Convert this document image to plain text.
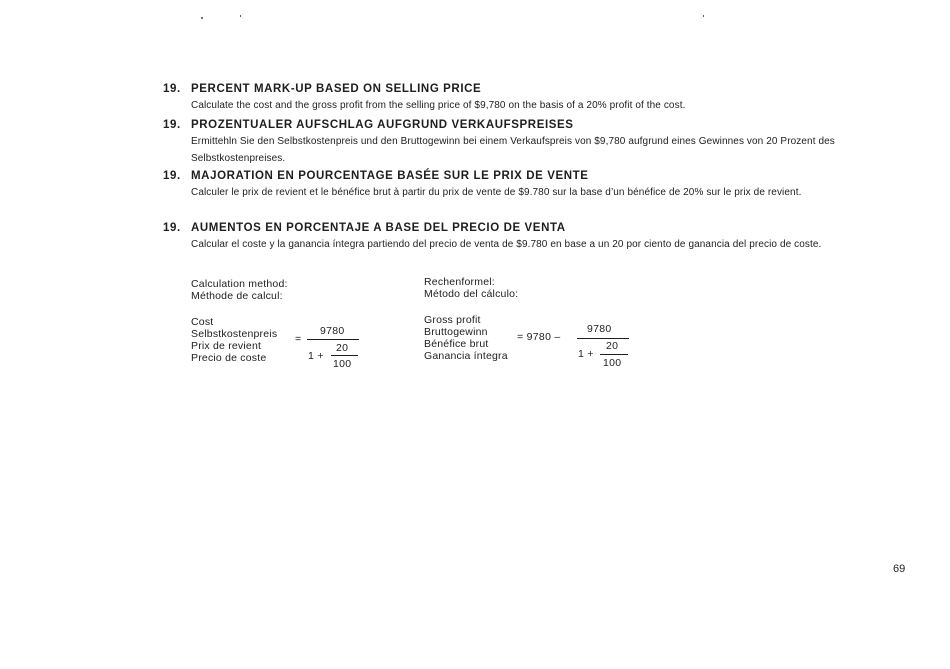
19. PERCENT MARK-UP BASED ON SELLING PRICE
Calculate the cost and the gross profit from the selling price of $9,780 on the basis of a 20% profit of the cost.
19. PROZENTUALER AUFSCHLAG AUFGRUND VERKAUFSPREISES
Ermittehln Sie den Selbstkostenpreis und den Bruttogewinn bei einem Verkaufspreis von $9,780 aufgrund eines Gewinnes von 20 Prozent des Selbstkostenpreises.
19. MAJORATION EN POURCENTAGE BASÉE SUR LE PRIX DE VENTE
Calculer le prix de revient et le bénéfice brut à partir du prix de vente de $9.780 sur la base d’un bénéfice de 20% sur le prix de revient.
19. AUMENTOS EN PORCENTAJE A BASE DEL PRECIO DE VENTA
Calcular el coste y la ganancia íntegra partiendo del precio de venta de $9.780 en base a un 20 por ciento de ganancia del precio de coste.
Calculation method:
Méthode de calcul:
Rechenformel:
Método del cálculo:
Cost
Selbstkostenpreis
Prix de revient
Precio de coste
=
9780
1 +
20
100
Gross profit
Bruttogewinn
Bénéfice brut
Ganancia íntegra
= 9780 –
9780
1 +
20
100
69
